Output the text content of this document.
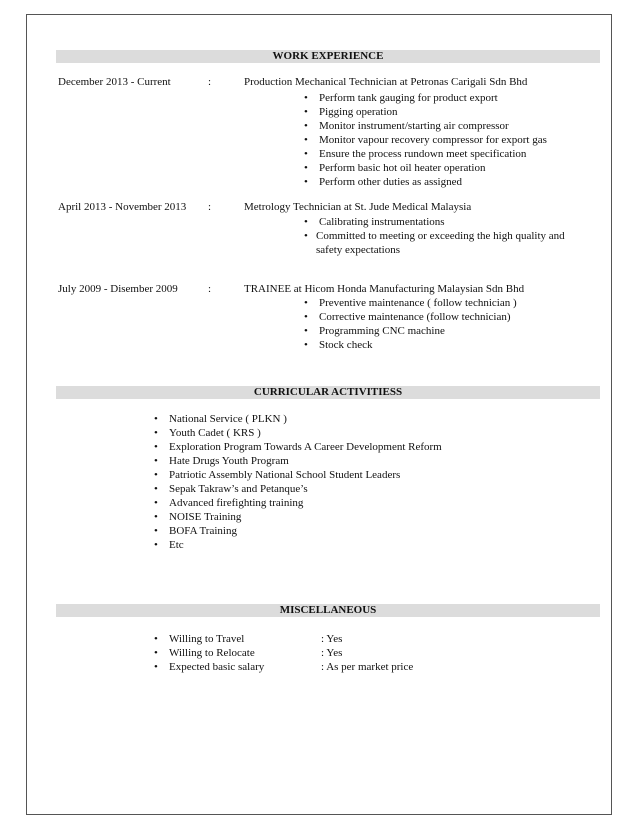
WORK EXPERIENCE
December 2013 - Current	:	Production Mechanical Technician at Petronas Carigali Sdn Bhd
• Perform tank gauging for product export
• Pigging operation
• Monitor instrument/starting air compressor
• Monitor vapour recovery compressor for export gas
• Ensure the process rundown meet specification
• Perform basic hot oil heater operation
• Perform other duties as assigned
April 2013 - November 2013 :	Metrology Technician at St. Jude Medical Malaysia
• Calibrating instrumentations
• Committed to meeting or exceeding the high quality and safety expectations
July 2009 - Disember 2009	:	TRAINEE at Hicom Honda Manufacturing Malaysian Sdn Bhd
• Preventive maintenance ( follow technician )
• Corrective maintenance (follow technician)
• Programming CNC machine
• Stock check
CURRICULAR ACTIVITIESS
• National Service ( PLKN )
• Youth Cadet ( KRS )
• Exploration Program Towards A Career Development Reform
• Hate Drugs Youth Program
• Patriotic Assembly National School Student Leaders
• Sepak Takraw’s and Petanque’s
• Advanced firefighting training
• NOISE Training
• BOFA Training
• Etc
MISCELLANEOUS
• Willing to Travel	: Yes
• Willing to Relocate	: Yes
• Expected basic salary	: As per market price
